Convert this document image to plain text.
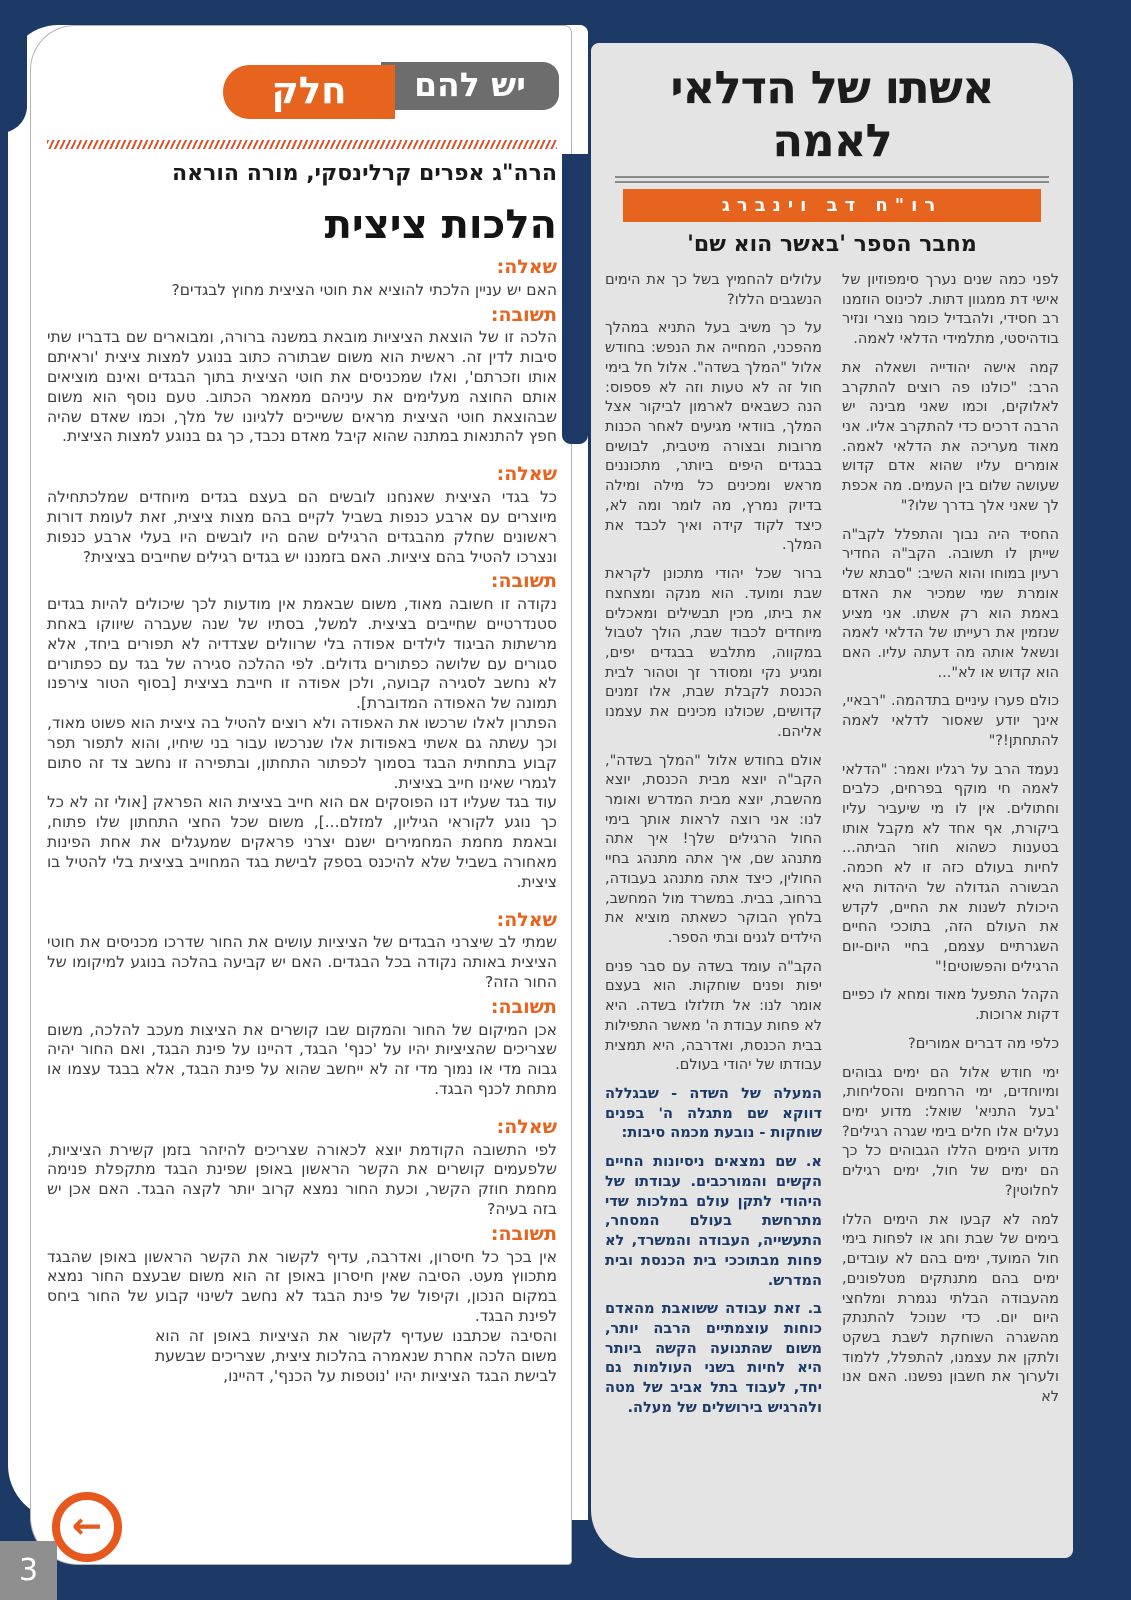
אשתו של הדלאי לאמה
רו"ח דב וינברג
מחבר הספר 'באשר הוא שם'

לפני כמה שנים נערך סימפוזיון של אישי דת ממגוון דתות. לכינוס הוזמנו רב חסידי, ולהבדיל כומר נוצרי ונזיר בודהיסטי, מתלמידי הדלאי לאמה.

קמה אישה יהודייה ושאלה את הרב: "כולנו פה רוצים להתקרב לאלוקים, וכמו שאני מבינה יש הרבה דרכים כדי להתקרב אליו. אני מאוד מעריכה את הדלאי לאמה. אומרים עליו שהוא אדם קדוש שעושה שלום בין העמים. מה אכפת לך שאני אלך בדרך שלו?"

החסיד היה נבוך והתפלל לקב"ה שייתן לו תשובה. הקב"ה החדיר רעיון במוחו והוא השיב: "סבתא שלי אומרת שמי שמכיר את האדם באמת הוא רק אשתו. אני מציע שנזמין את רעייתו של הדלאי לאמה ונשאל אותה מה דעתה עליו. האם הוא קדוש או לא"...

כולם פערו עיניים בתדהמה. "רבאיי, אינך יודע שאסור לדלאי לאמה להתחתן!?"

נעמד הרב על רגליו ואמר: "הדלאי לאמה חי מוקף בפרחים, כלבים וחתולים. אין לו מי שיעביר עליו ביקורת, אף אחד לא מקבל אותו בטענות כשהוא חוזר הביתה... לחיות בעולם כזה זו לא חכמה. הבשורה הגדולה של היהדות היא היכולת לשנות את החיים, לקדש את העולם הזה, בתוככי החיים השגרתיים עצמם, בחיי היום-יום הרגילים והפשוטים!"

הקהל התפעל מאוד ומחא לו כפיים דקות ארוכות.

כלפי מה דברים אמורים?

ימי חודש אלול הם ימים גבוהים ומיוחדים, ימי הרחמים והסליחות, 'בעל התניא' שואל: מדוע ימים נעלים אלו חלים בימי שגרה רגילים? מדוע הימים הללו הגבוהים כל כך הם ימים של חול, ימים רגילים לחלוטין?

למה לא קבעו את הימים הללו בימים של שבת וחג או לפחות בימי חול המועד, ימים בהם לא עובדים, ימים בהם מתנתקים מטלפונים, מהעבודה הבלתי נגמרת ומלחצי היום יום. כדי שנוכל להתנתק מהשגרה השוחקת לשבת בשקט ולתקן את עצמנו, להתפלל, ללמוד ולערוך את חשבון נפשנו. האם אנו לא

עלולים להחמיץ בשל כך את הימים הנשגבים הללו?

על כך משיב בעל התניא במהלך מהפכני, המחייה את הנפש: בחודש אלול "המלך בשדה". אלול חל בימי חול זה לא טעות וזה לא פספוס: הנה כשבאים לארמון לביקור אצל המלך, בוודאי מגיעים לאחר הכנות מרובות ובצורה מיטבית, לבושים בבגדים היפים ביותר, מתכוננים מראש ומכינים כל מילה ומילה בדיוק נמרץ, מה לומר ומה לא, כיצד לקוד קידה ואיך לכבד את המלך.

ברור שכל יהודי מתכונן לקראת שבת ומועד. הוא מנקה ומצחצח את ביתו, מכין תבשילים ומאכלים מיוחדים לכבוד שבת, הולך לטבול במקווה, מתלבש בבגדים יפים, ומגיע נקי ומסודר זך וטהור לבית הכנסת לקבלת שבת, אלו זמנים קדושים, שכולנו מכינים את עצמנו אליהם.

אולם בחודש אלול "המלך בשדה", הקב"ה יוצא מבית הכנסת, יוצא מהשבת, יוצא מבית המדרש ואומר לנו: אני רוצה לראות אותך בימי החול הרגילים שלך! איך אתה מתנהג שם, איך אתה מתנהג בחיי החולין, כיצד אתה מתנהג בעבודה, ברחוב, בבית. במשרד מול המחשב, בלחץ הבוקר כשאתה מוציא את הילדים לגנים ובתי הספר.

הקב"ה עומד בשדה עם סבר פנים יפות ופנים שוחקות. הוא בעצם אומר לנו: אל תזלזלו בשדה. היא לא פחות עבודת ה' מאשר התפילות בבית הכנסת, ואדרבה, היא תמצית עבודתו של יהודי בעולם.

המעלה של השדה - שבגללה דווקא שם מתגלה ה' בפנים שוחקות - נובעת מכמה סיבות:

א. שם נמצאים ניסיונות החיים הקשים והמורכבים. עבודתו של היהודי לתקן עולם במלכות שדי מתרחשת בעולם המסחר, התעשייה, העבודה והמשרד, לא פחות מבתוככי בית הכנסת ובית המדרש.

ב. זאת עבודה ששואבת מהאדם כוחות עוצמתיים הרבה יותר, משום שהתנועה הקשה ביותר היא לחיות בשני העולמות גם יחד, לעבוד בתל אביב של מטה ולהרגיש בירושלים של מעלה.

יש להם
חלק
הרה"ג אפרים קרלינסקי, מורה הוראה
הלכות ציצית
שאלה:

האם יש עניין הלכתי להוציא את חוטי הציצית מחוץ לבגדים?

תשובה:

הלכה זו של הוצאת הציציות מובאת במשנה ברורה, ומבוארים שם בדבריו שתי סיבות לדין זה. ראשית הוא משום שבתורה כתוב בנוגע למצות ציצית 'וראיתם אותו וזכרתם', ואלו שמכניסים את חוטי הציצית בתוך הבגדים ואינם מוציאים אותם החוצה מעלימים את עיניהם ממאמר הכתוב. טעם נוסף הוא משום שבהוצאת חוטי הציצית מראים ששייכים ללגיונו של מלך, וכמו שאדם שהיה חפץ להתנאות במתנה שהוא קיבל מאדם נכבד, כך גם בנוגע למצות הציצית.

שאלה:

כל בגדי הציצית שאנחנו לובשים הם בעצם בגדים מיוחדים שמלכתחילה מיוצרים עם ארבע כנפות בשביל לקיים בהם מצות ציצית, זאת לעומת דורות ראשונים שחלק מהבגדים הרגילים שהם היו לובשים היו בעלי ארבע כנפות ונצרכו להטיל בהם ציציות. האם בזמננו יש בגדים רגילים שחייבים בציצית?

תשובה:

נקודה זו חשובה מאוד, משום שבאמת אין מודעות לכך שיכולים להיות בגדים סטנדרטיים שחייבים בציצית. למשל, בסתיו של שנה שעברה שיווקו באחת מרשתות הביגוד לילדים אפודה בלי שרוולים שצדדיה לא תפורים ביחד, אלא סגורים עם שלושה כפתורים גדולים. לפי ההלכה סגירה של בגד עם כפתורים לא נחשב לסגירה קבועה, ולכן אפודה זו חייבת בציצית [בסוף הטור צירפנו תמונה של האפודה המדוברת].

הפתרון לאלו שרכשו את האפודה ולא רוצים להטיל בה ציצית הוא פשוט מאוד, וכך עשתה גם אשתי באפודות אלו שנרכשו עבור בני שיחיו, והוא לתפור תפר קבוע בתחתית הבגד בסמוך לכפתור התחתון, ובתפירה זו נחשב צד זה סתום לגמרי שאינו חייב בציצית.

עוד בגד שעליו דנו הפוסקים אם הוא חייב בציצית הוא הפראק [אולי זה לא כל כך נוגע לקוראי הגיליון, למזלם...], משום שכל החצי התחתון שלו פתוח, ובאמת מחמת המחמירים ישנם יצרני פראקים שמעגלים את אחת הפינות מאחורה בשביל שלא להיכנס בספק לבישת בגד המחוייב בציצית בלי להטיל בו ציצית.

שאלה:

שמתי לב שיצרני הבגדים של הציציות עושים את החור שדרכו מכניסים את חוטי הציצית באותה נקודה בכל הבגדים. האם יש קביעה בהלכה בנוגע למיקומו של החור הזה?

תשובה:

אכן המיקום של החור והמקום שבו קושרים את הציצות מעכב להלכה, משום שצריכים שהציציות יהיו על 'כנף' הבגד, דהיינו על פינת הבגד, ואם החור יהיה גבוה מדי או נמוך מדי זה לא ייחשב שהוא על פינת הבגד, אלא בבגד עצמו או מתחת לכנף הבגד.

שאלה:

לפי התשובה הקודמת יוצא לכאורה שצריכים להיזהר בזמן קשירת הציציות, שלפעמים קושרים את הקשר הראשון באופן שפינת הבגד מתקפלת פנימה מחמת חוזק הקשר, וכעת החור נמצא קרוב יותר לקצה הבגד. האם אכן יש בזה בעיה?

תשובה:

אין בכך כל חיסרון, ואדרבה, עדיף לקשור את הקשר הראשון באופן שהבגד מתכווץ מעט. הסיבה שאין חיסרון באופן זה הוא משום שבעצם החור נמצא במקום הנכון, וקיפול של פינת הבגד לא נחשב לשינוי קבוע של החור ביחס לפינת הבגד.

והסיבה שכתבנו שעדיף לקשור את הציציות באופן זה הוא משום הלכה אחרת שנאמרה בהלכות ציצית, שצריכים שבשעת לבישת הבגד הציציות יהיו 'נוטפות על הכנף', דהיינו,

←
3
